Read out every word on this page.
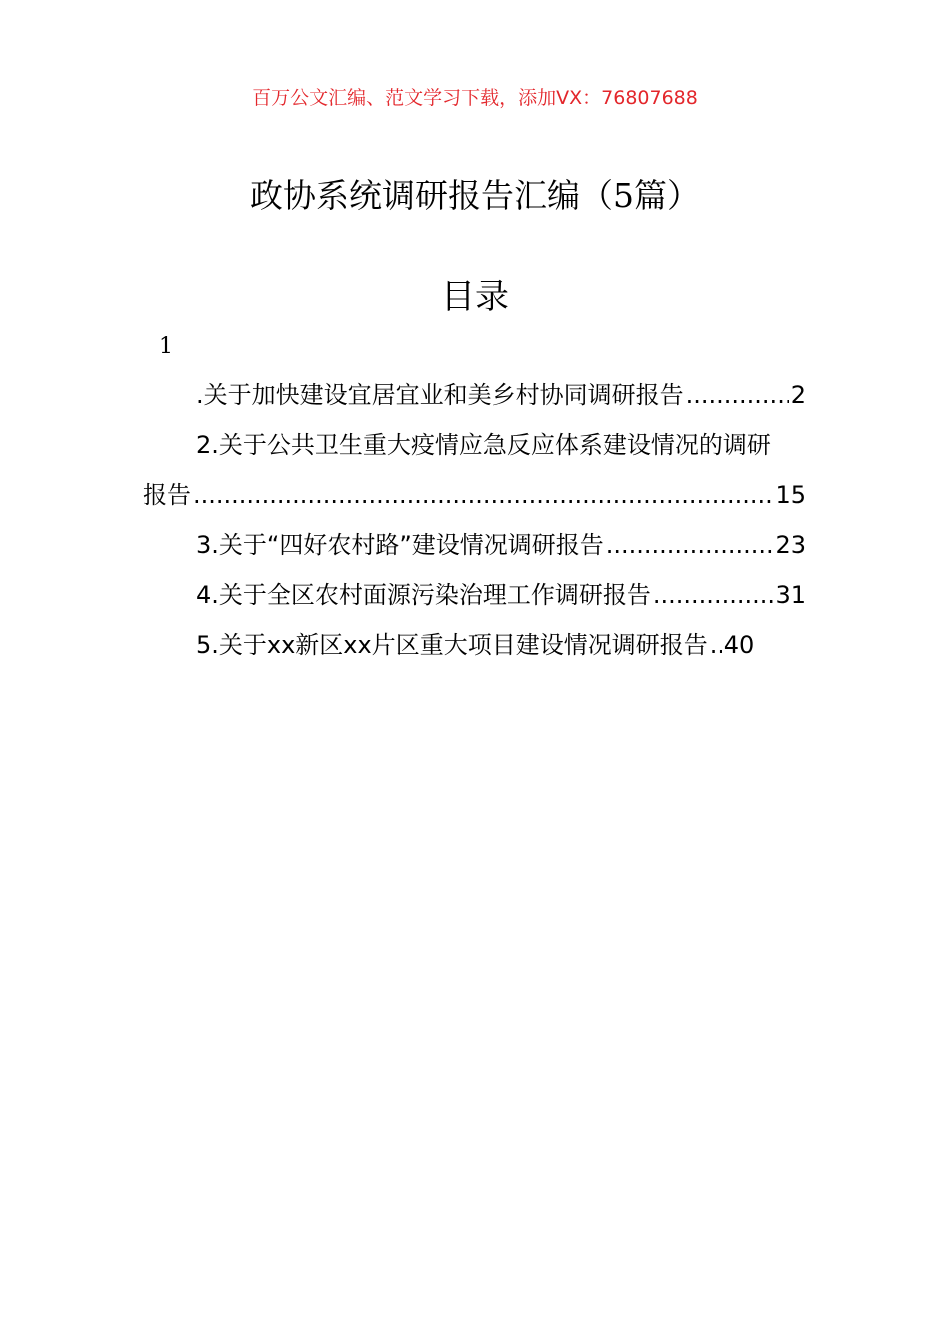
百万公文汇编、范文学习下载，添加VX：76807688
政协系统调研报告汇编（5篇）
目录
1
.关于加快建设宜居宜业和美乡村协同调研报告 .....	2
2.关于公共卫生重大疫情应急反应体系建设情况的调研
报告 .....	15
3.关于“四好农村路”建设情况调研报告 .....	23
4.关于全区农村面源污染治理工作调研报告 .....	31
5.关于xx新区xx片区重大项目建设情况调研报告 ..... 40
